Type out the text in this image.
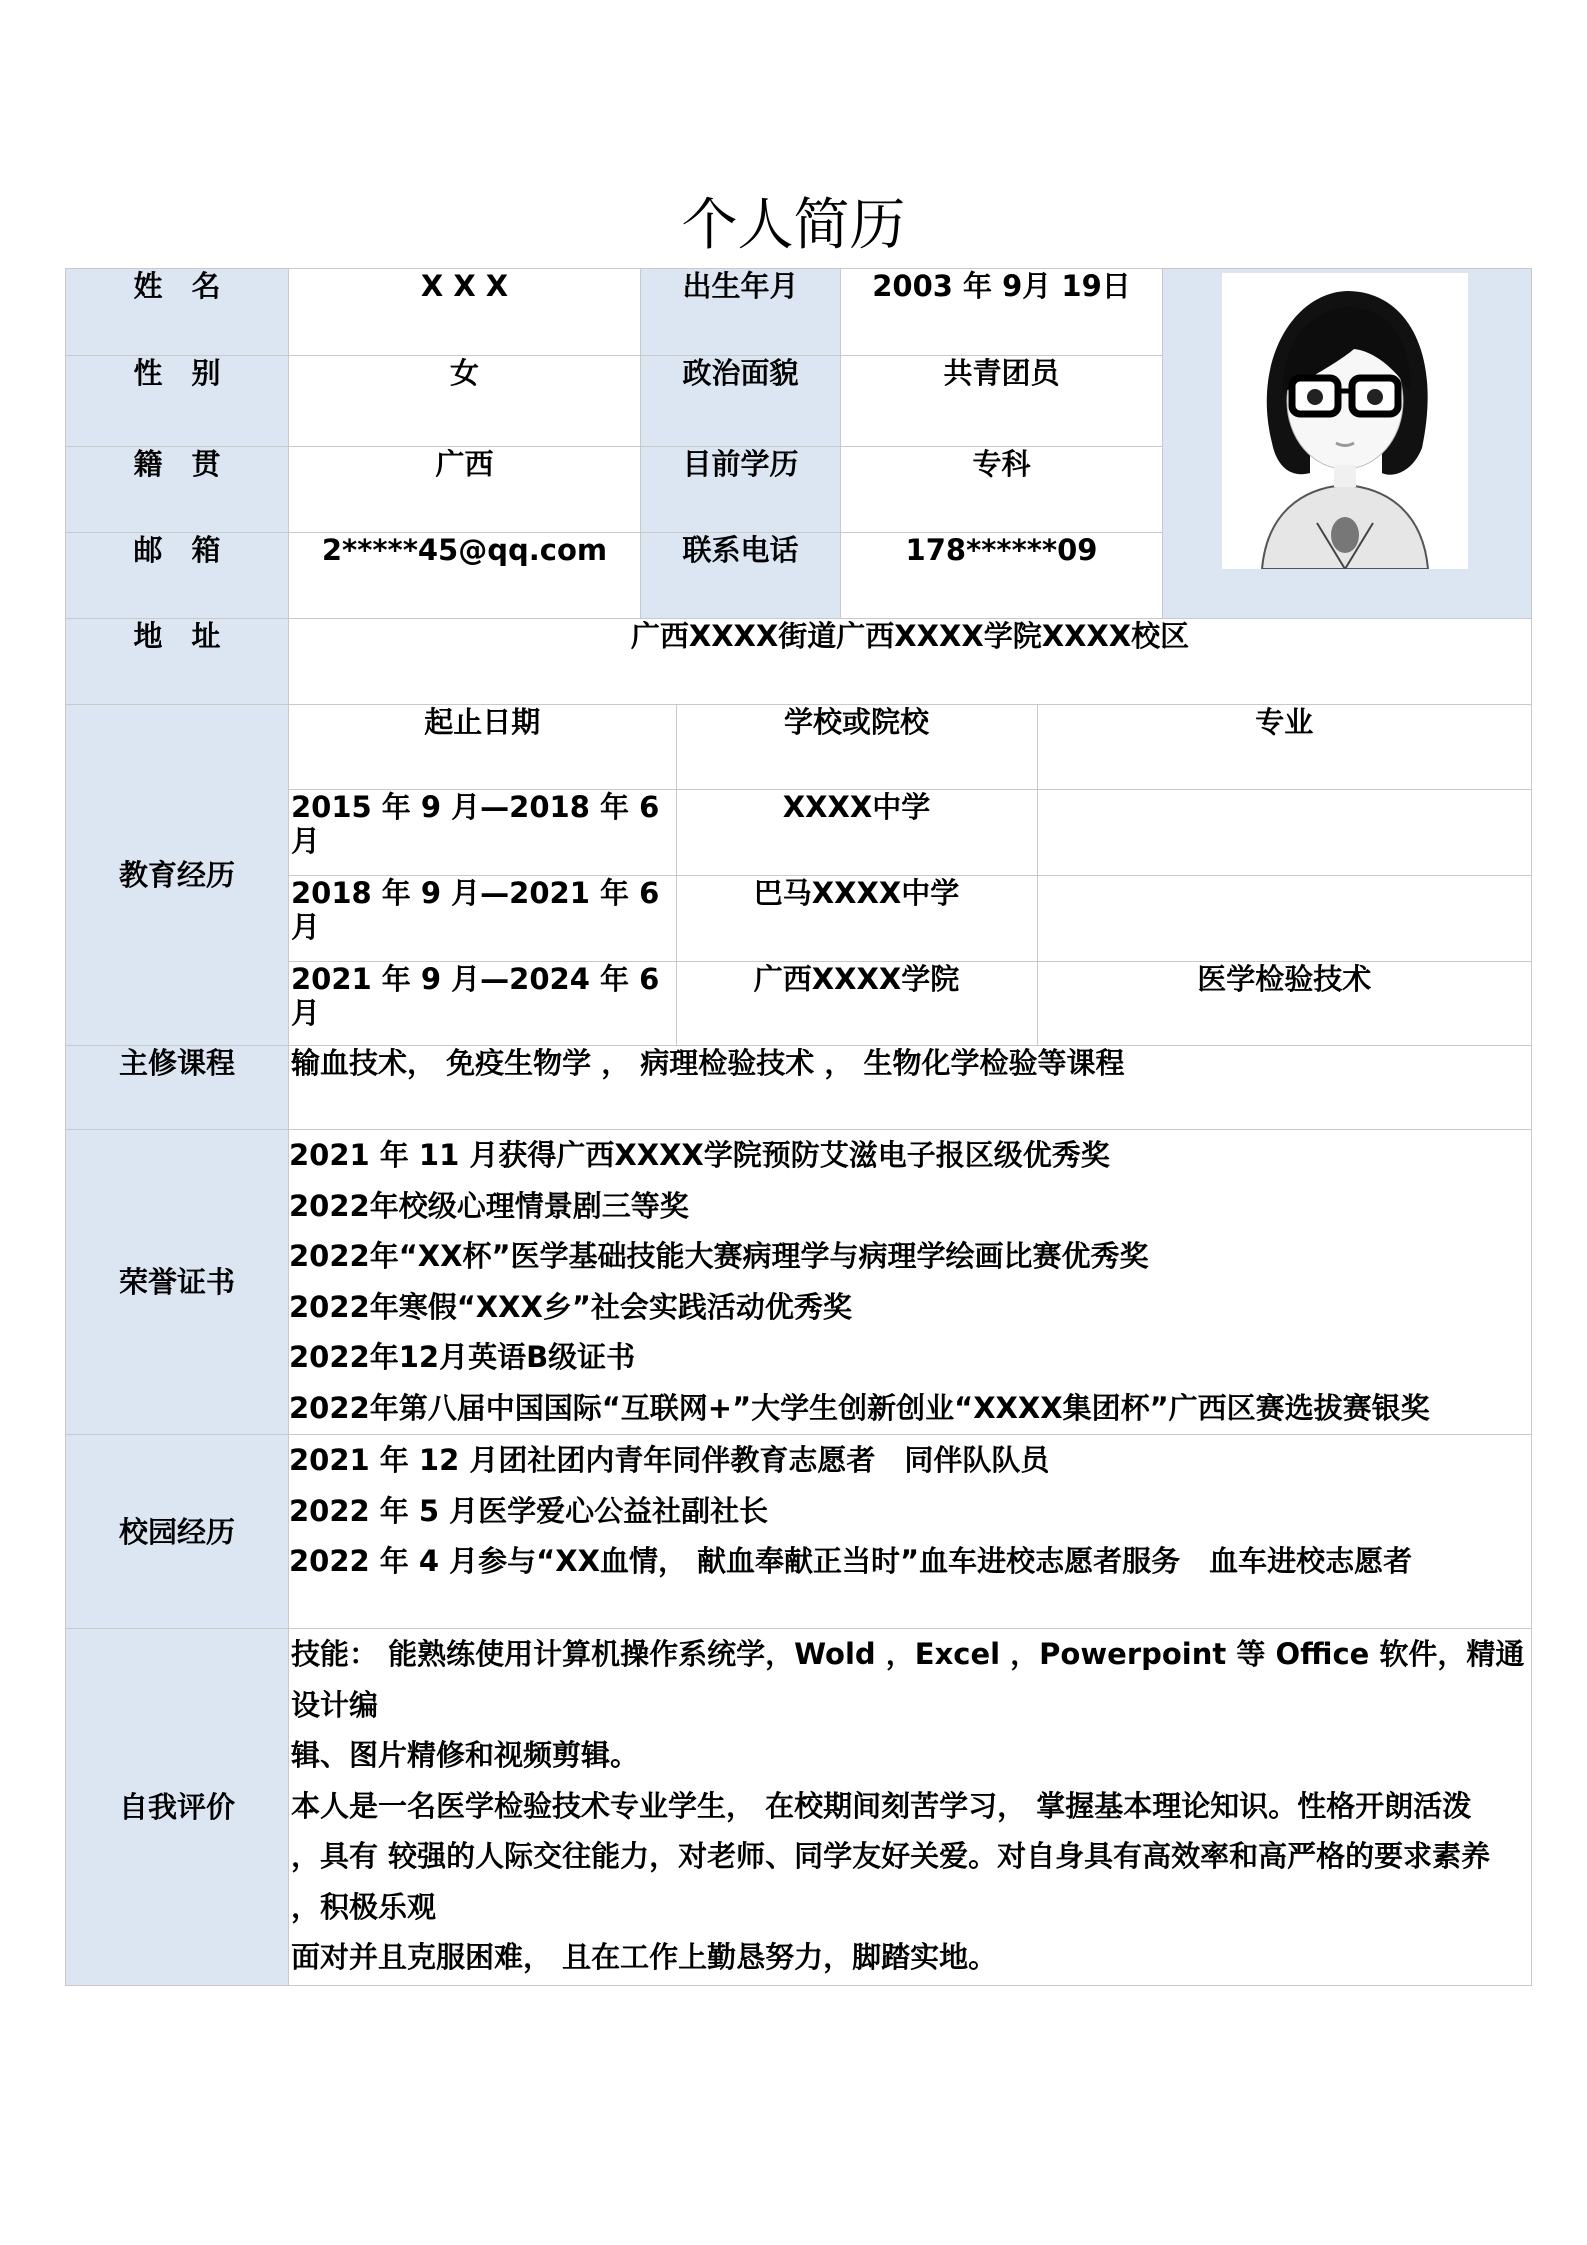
个人简历
姓　名	X X X	出生年月	2003 年 9月 19日	

性　别	女	政治面貌	共青团员
籍　贯	广西	目前学历	专科
邮　箱	2*****45@qq.com	联系电话	178******09
地　址	广西XXXX街道广西XXXX学院XXXX校区
教育经历	
起止日期	学校或院校	专业
2015 年 9 月—2018 年 6 月	XXXX中学	
2018 年 9 月—2021 年 6 月	巴马XXXX中学	
2021 年 9 月—2024 年 6 月	广西XXXX学院	医学检验技术

主修课程	输血技术， 免疫生物学 ， 病理检验技术 ， 生物化学检验等课程
荣誉证书	
2021 年 11 月获得广西XXXX学院预防艾滋电子报区级优秀奖
2022年校级心理情景剧三等奖
2022年“XX杯”医学基础技能大赛病理学与病理学绘画比赛优秀奖
2022年寒假“XXX乡”社会实践活动优秀奖
2022年12月英语B级证书
2022年第八届中国国际“互联网+”大学生创新创业“XXXX集团杯”广西区赛选拔赛银奖

校园经历	
2021 年 12 月团社团内青年同伴教育志愿者　同伴队队员
2022 年 5 月医学爱心公益社副社长
2022 年 4 月参与“XX血情， 献血奉献正当时”血车进校志愿者服务　血车进校志愿者

自我评价	
技能： 能熟练使用计算机操作系统学，Wold ，Excel ，Powerpoint 等 Office 软件，精通
设计编
辑、图片精修和视频剪辑。
本人是一名医学检验技术专业学生， 在校期间刻苦学习， 掌握基本理论知识。性格开朗活泼
，具有 较强的人际交往能力，对老师、同学友好关爱。对自身具有高效率和高严格的要求素养
，积极乐观
面对并且克服困难， 且在工作上勤恳努力，脚踏实地。
